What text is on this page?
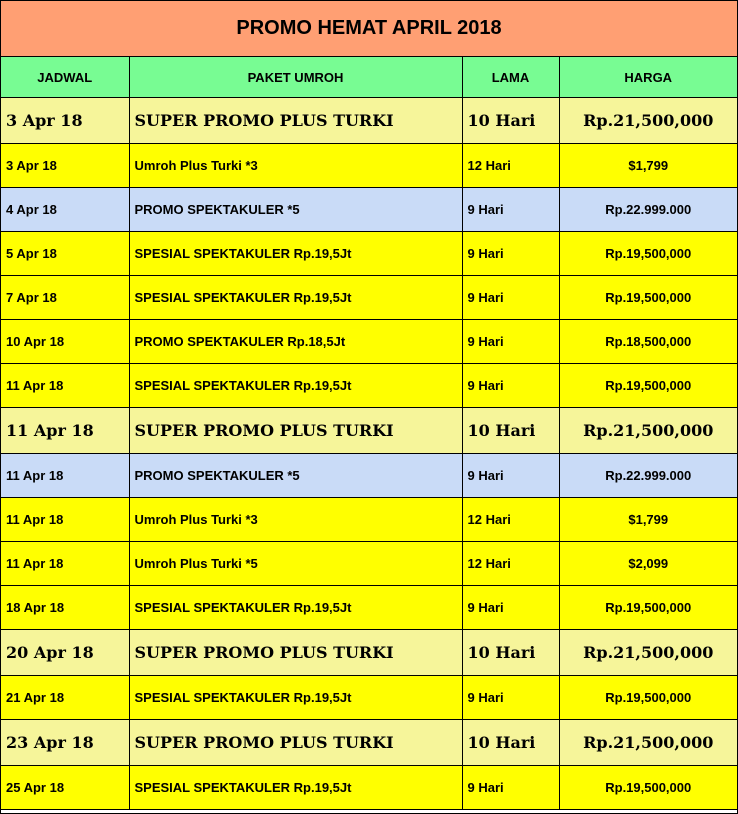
PROMO HEMAT APRIL 2018
JADWAL	PAKET UMROH	LAMA	HARGA
3 Apr 18	SUPER PROMO PLUS TURKI	10 Hari	Rp.21,500,000
3 Apr 18	Umroh Plus Turki *3	12 Hari	$1,799
4 Apr 18	PROMO SPEKTAKULER *5	9 Hari	Rp.22.999.000
5 Apr 18	SPESIAL SPEKTAKULER Rp.19,5Jt	9 Hari	Rp.19,500,000
7 Apr 18	SPESIAL SPEKTAKULER Rp.19,5Jt	9 Hari	Rp.19,500,000
10 Apr 18	PROMO SPEKTAKULER Rp.18,5Jt	9 Hari	Rp.18,500,000
11 Apr 18	SPESIAL SPEKTAKULER Rp.19,5Jt	9 Hari	Rp.19,500,000
11 Apr 18	SUPER PROMO PLUS TURKI	10 Hari	Rp.21,500,000
11 Apr 18	PROMO SPEKTAKULER *5	9 Hari	Rp.22.999.000
11 Apr 18	Umroh Plus Turki *3	12 Hari	$1,799
11 Apr 18	Umroh Plus Turki *5	12 Hari	$2,099
18 Apr 18	SPESIAL SPEKTAKULER Rp.19,5Jt	9 Hari	Rp.19,500,000
20 Apr 18	SUPER PROMO PLUS TURKI	10 Hari	Rp.21,500,000
21 Apr 18	SPESIAL SPEKTAKULER Rp.19,5Jt	9 Hari	Rp.19,500,000
23 Apr 18	SUPER PROMO PLUS TURKI	10 Hari	Rp.21,500,000
25 Apr 18	SPESIAL SPEKTAKULER Rp.19,5Jt	9 Hari	Rp.19,500,000
